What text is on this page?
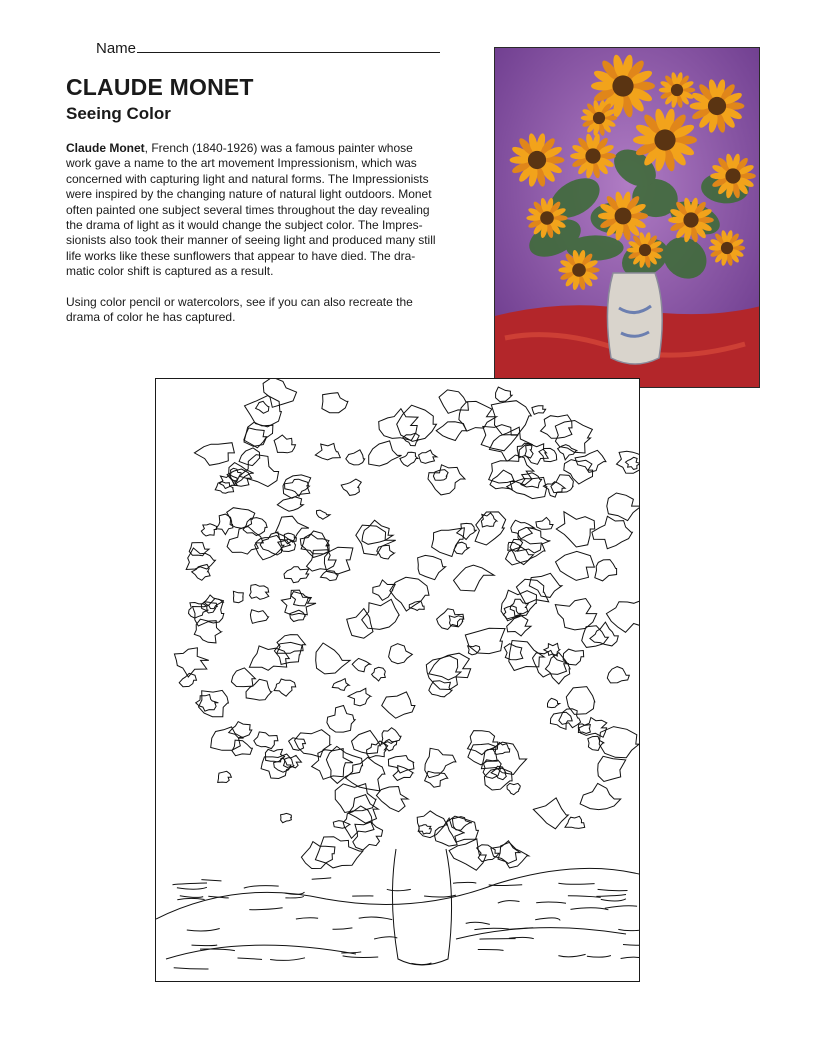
Name
CLAUDE MONET
Seeing Color
Claude Monet, French (1840-1926) was a famous painter whose
work gave a name to the art movement Impressionism, which was
concerned with capturing light and natural forms. The Impressionists
were inspired by the changing nature of natural light outdoors. Monet
often painted one subject several times throughout the day revealing
the drama of light as it would change the subject color. The Impres-
sionists also took their manner of seeing light and produced many still
life works like these sunflowers that appear to have died. The dra-
matic color shift is captured as a result.
Using color pencil or watercolors, see if you can also recreate the
drama of color he has captured.
